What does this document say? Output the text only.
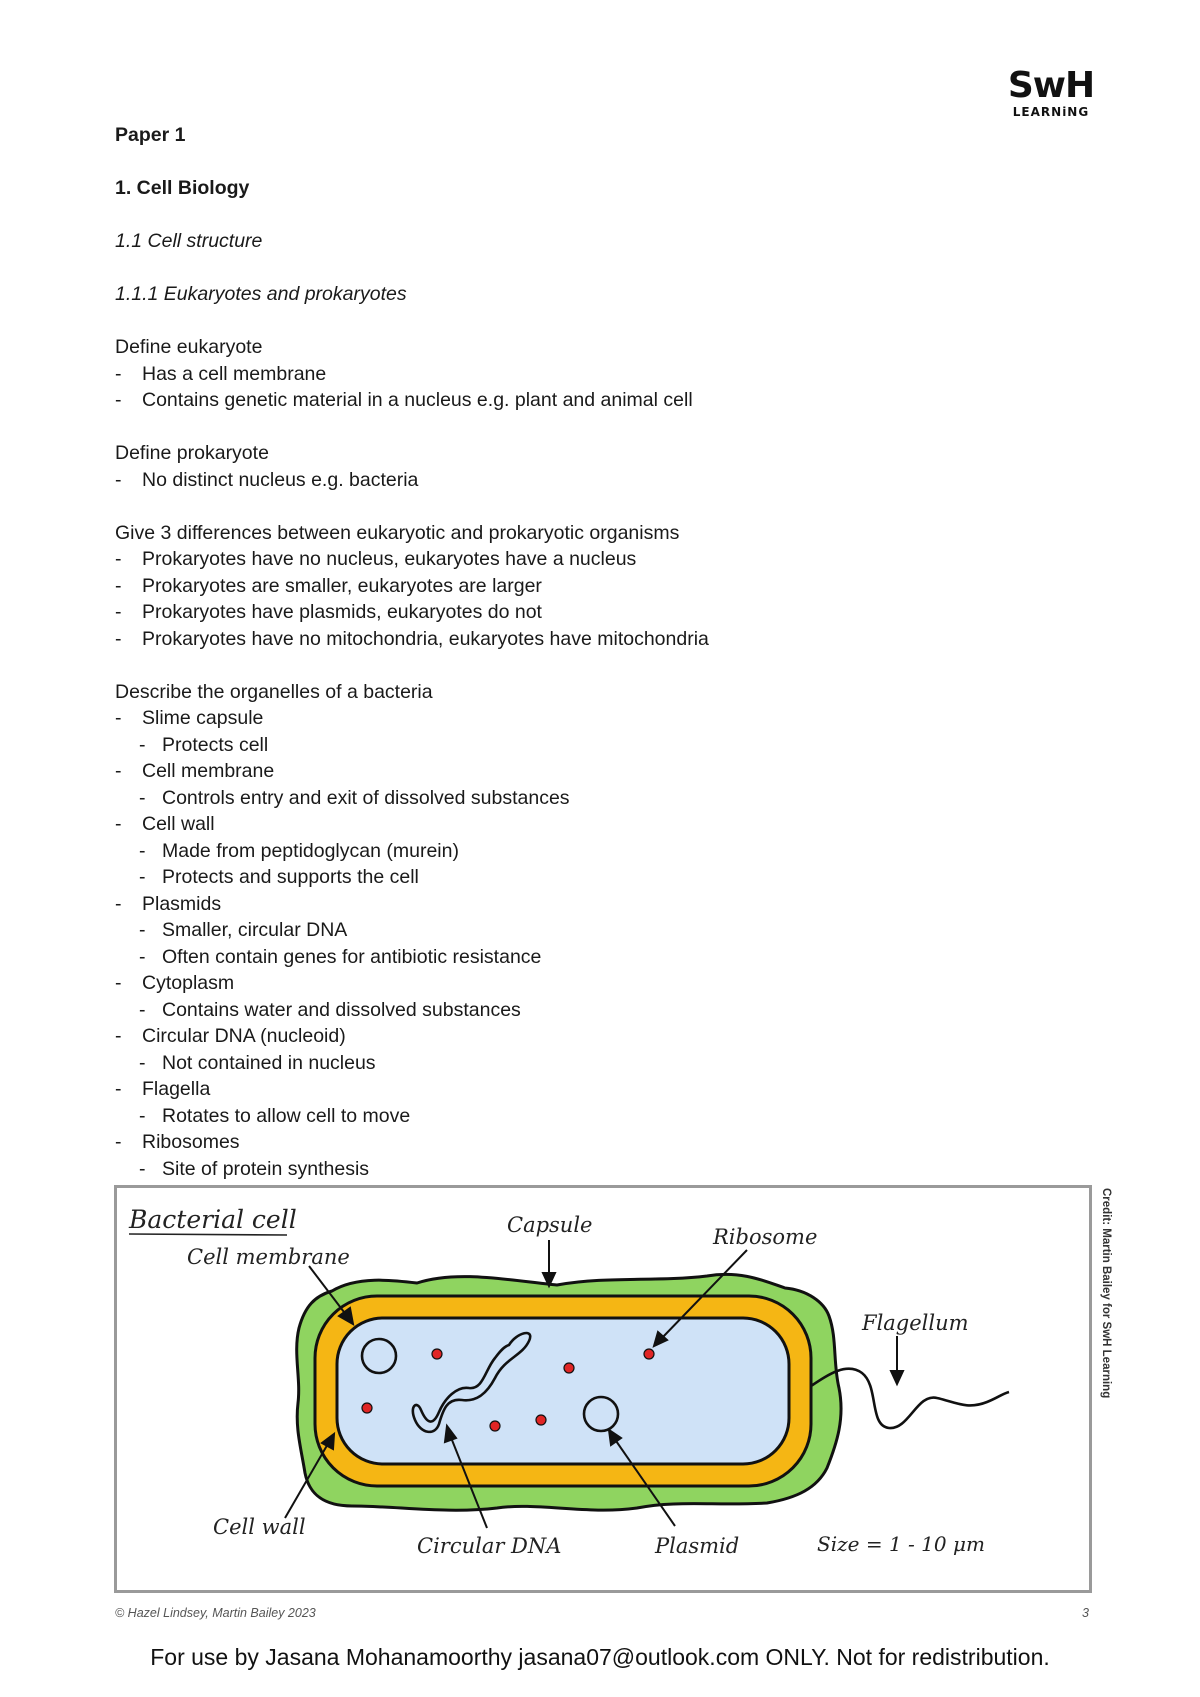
SwH
LEARNiNG
Paper 1
1. Cell Biology
1.1 Cell structure
1.1.1 Eukaryotes and prokaryotes
Define eukaryote
- Has a cell membrane
- Contains genetic material in a nucleus e.g. plant and animal cell
Define prokaryote
- No distinct nucleus e.g. bacteria
Give 3 differences between eukaryotic and prokaryotic organisms
- Prokaryotes have no nucleus, eukaryotes have a nucleus
- Prokaryotes are smaller, eukaryotes are larger
- Prokaryotes have plasmids, eukaryotes do not
- Prokaryotes have no mitochondria, eukaryotes have mitochondria
Describe the organelles of a bacteria
- Slime capsule
- Protects cell
- Cell membrane
- Controls entry and exit of dissolved substances
- Cell wall
- Made from peptidoglycan (murein)
- Protects and supports the cell
- Plasmids
- Smaller, circular DNA
- Often contain genes for antibiotic resistance
- Cytoplasm
- Contains water and dissolved substances
- Circular DNA (nucleoid)
- Not contained in nucleus
- Flagella
- Rotates to allow cell to move
- Ribosomes
- Site of protein synthesis
Bacterial cell
Cell membrane
Capsule	Ribosome
Flagellum
Cell wall
Circular DNA	Plasmid	Size = 1 - 10 μm
Credit: Martin Bailey for SwH Learning
© Hazel Lindsey, Martin Bailey 2023	3
For use by Jasana Mohanamoorthy jasana07@outlook.com ONLY. Not for redistribution.
